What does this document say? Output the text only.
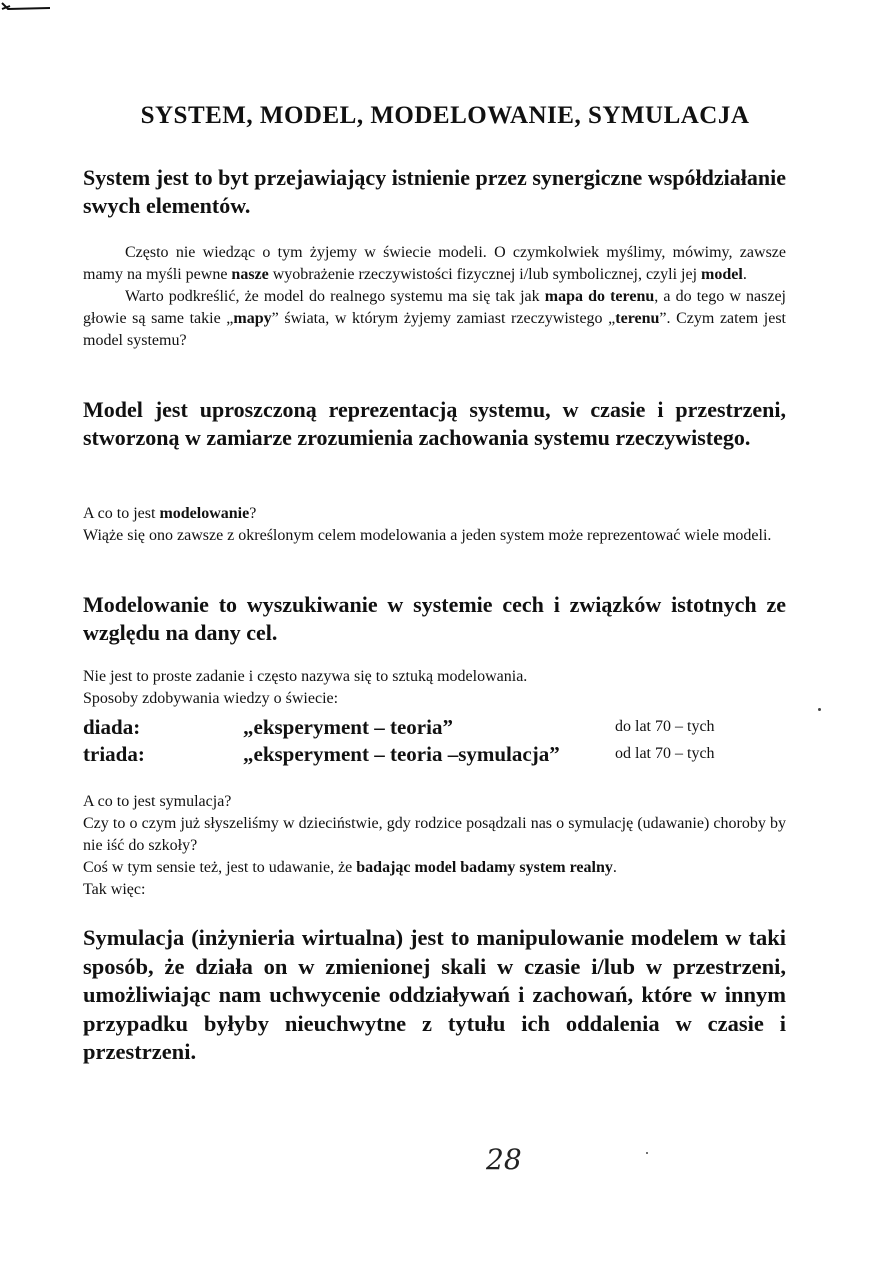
SYSTEM, MODEL, MODELOWANIE, SYMULACJA
System jest to byt przejawiający istnienie przez synergiczne współdziałanie swych elementów.

Często nie wiedząc o tym żyjemy w świecie modeli. O czymkolwiek myślimy, mówimy, zawsze mamy na myśli pewne nasze wyobrażenie rzeczywistości fizycznej i/lub symbolicznej, czyli jej model.

Warto podkreślić, że model do realnego systemu ma się tak jak mapa do terenu, a do tego w naszej głowie są same takie „mapy” świata, w którym żyjemy zamiast rzeczywistego „terenu”. Czym zatem jest model systemu?

Model jest uproszczoną reprezentacją systemu, w czasie i przestrzeni, stworzoną w zamiarze zrozumienia zachowania systemu rzeczywistego.

A co to jest modelowanie?

Wiąże się ono zawsze z określonym celem modelowania a jeden system może reprezentować wiele modeli.

Modelowanie to wyszukiwanie w systemie cech i związków istotnych ze względu na dany cel.

Nie jest to proste zadanie i często nazywa się to sztuką modelowania.

Sposoby zdobywania wiedzy o świecie:

diada:	„eksperyment – teoria”	do lat 70 – tych
triada:	„eksperyment – teoria –symulacja”	od lat 70 – tych

A co to jest symulacja?

Czy to o czym już słyszeliśmy w dzieciństwie, gdy rodzice posądzali nas o symulację (udawanie) choroby by nie iść do szkoły?

Coś w tym sensie też, jest to udawanie, że badając model badamy system realny.

Tak więc:

Symulacja (inżynieria wirtualna) jest to manipulowanie modelem w taki sposób, że działa on w zmienionej skali w czasie i/lub w przestrzeni, umożliwiając nam uchwycenie oddziaływań i zachowań, które w innym przypadku byłyby nieuchwytne z tytułu ich oddalenia w czasie i przestrzeni.
28
